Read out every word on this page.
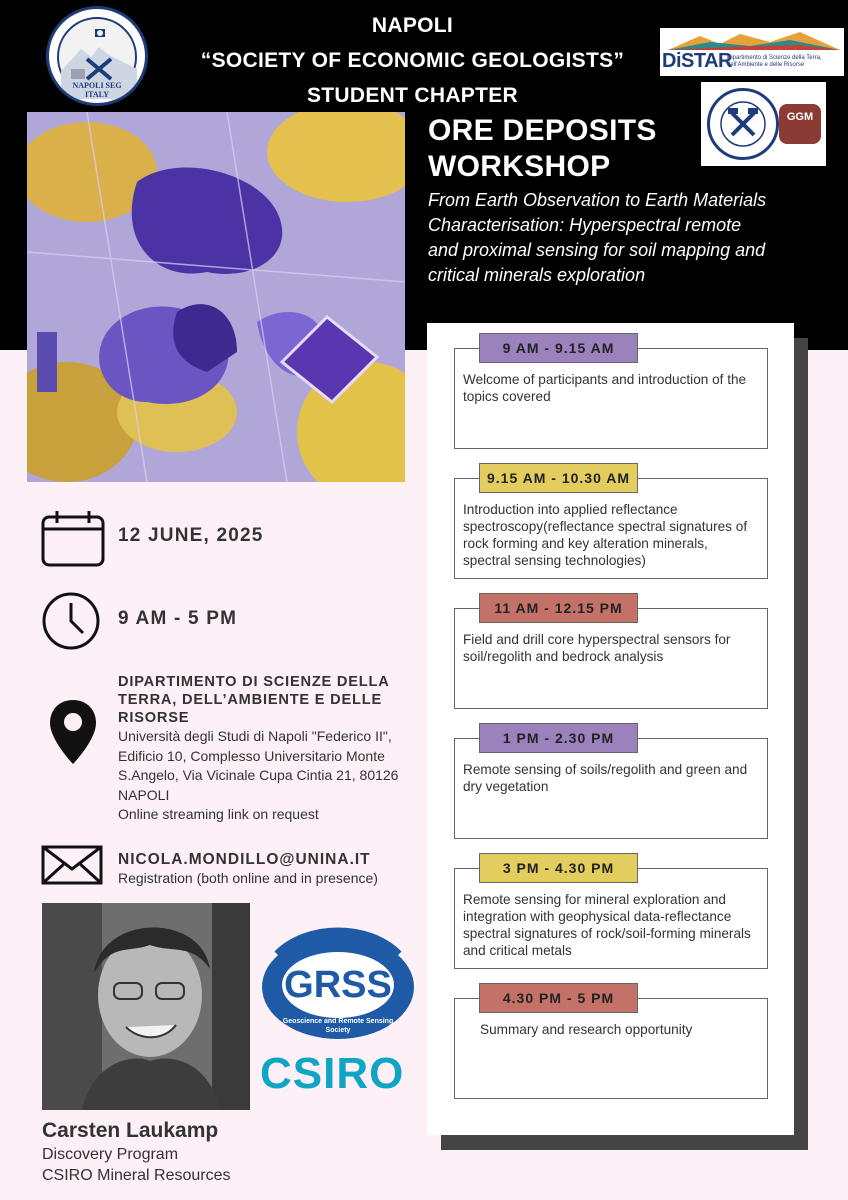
NAPOLI SEG
ITALY
NAPOLI
“SOCIETY OF ECONOMIC GEOLOGISTS”
STUDENT CHAPTER
DiSTAR
Dipartimento di Scienze della Terra, dell'Ambiente e delle Risorse
GGM
ORE DEPOSITS
WORKSHOP
From Earth Observation to Earth Materials Characterisation: Hyperspectral remote and proximal sensing for soil mapping and critical minerals exploration
Welcome of participants and introduction of the topics covered
9 AM - 9.15 AM
Introduction into applied reflectance spectroscopy(reflectance spectral signatures of rock forming and key alteration minerals, spectral sensing technologies)
9.15 AM - 10.30 AM
Field and drill core hyperspectral sensors for soil/regolith and bedrock analysis
11 AM - 12.15 PM
Remote sensing of soils/regolith and green and dry vegetation
1 PM - 2.30 PM
Remote sensing for mineral exploration and integration with geophysical data-reflectance spectral signatures of rock/soil-forming minerals and critical metals
3 PM - 4.30 PM
Summary and research opportunity
4.30 PM - 5 PM
12 JUNE, 2025
9 AM - 5 PM
DIPARTIMENTO DI SCIENZE DELLA TERRA, DELL’AMBIENTE E DELLE RISORSE
Università degli Studi di Napoli "Federico II", Edificio 10, Complesso Universitario Monte S.Angelo, Via Vicinale Cupa Cintia 21, 80126 NAPOLI
Online streaming link on request
NICOLA.MONDILLO@UNINA.IT
Registration (both online and in presence)
IEEE
GRSS
Geoscience and Remote Sensing Society
CSIRO
Carsten Laukamp
Discovery Program
CSIRO Mineral Resources
